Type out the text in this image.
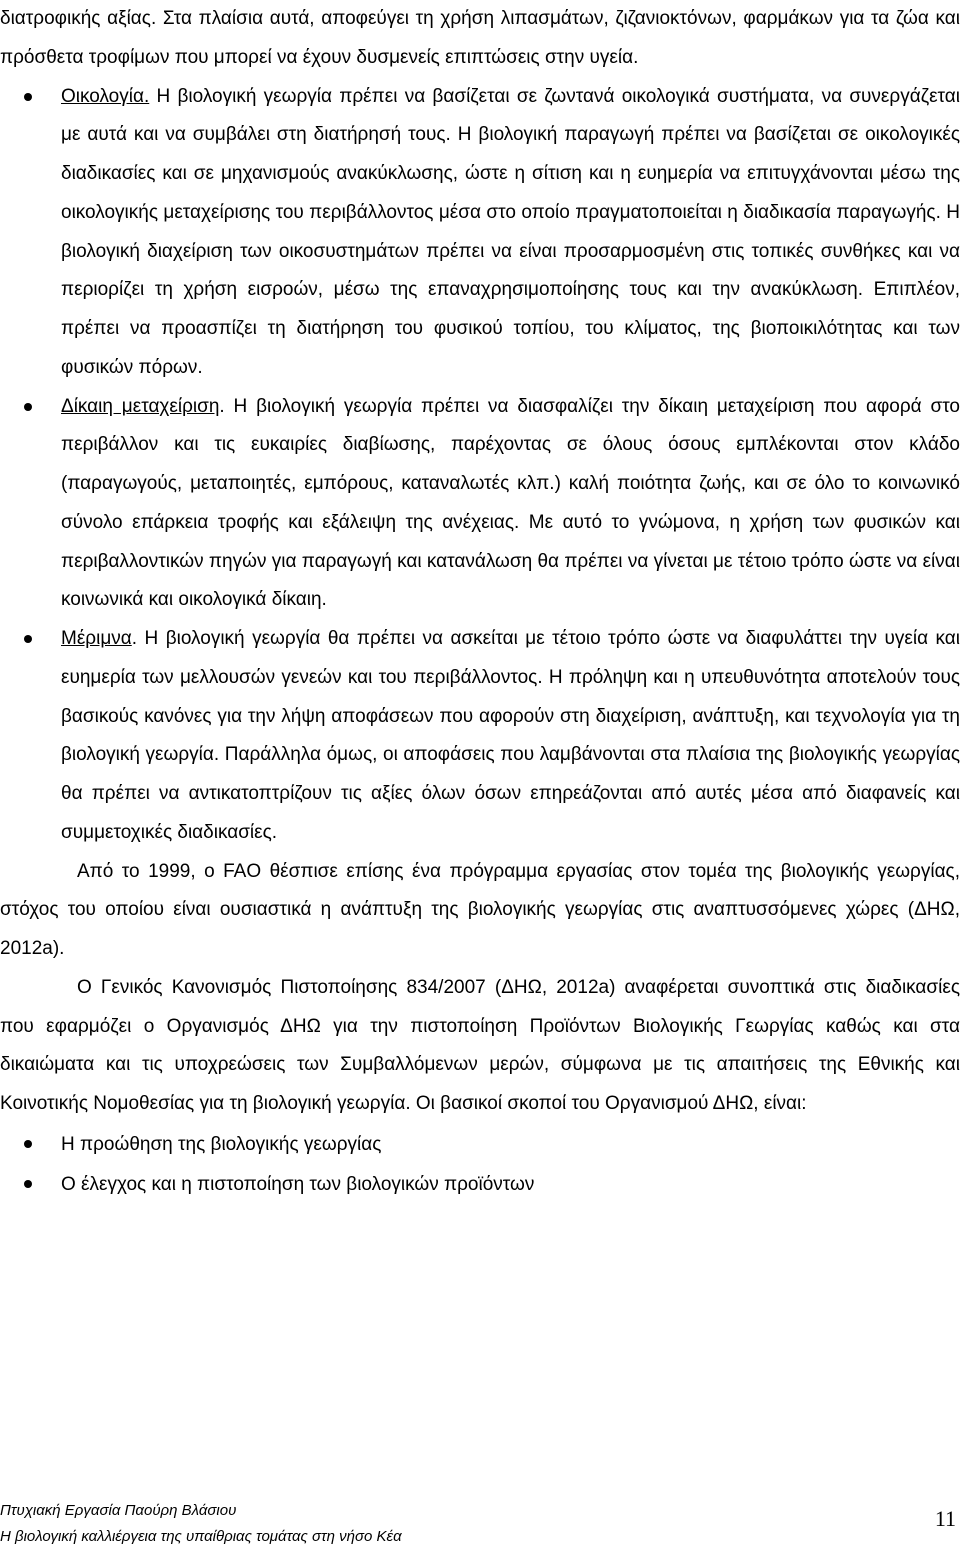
διατροφικής αξίας. Στα πλαίσια αυτά, αποφεύγει τη χρήση λιπασμάτων, ζιζανιοκτόνων, φαρμάκων για τα ζώα και πρόσθετα τροφίμων που μπορεί να έχουν δυσμενείς επιπτώσεις στην υγεία.

Οικολογία. Η βιολογική γεωργία πρέπει να βασίζεται σε ζωντανά οικολογικά συστήματα, να συνεργάζεται με αυτά και να συμβάλει στη διατήρησή τους. Η βιολογική παραγωγή πρέπει να βασίζεται σε οικολογικές διαδικασίες και σε μηχανισμούς ανακύκλωσης, ώστε η σίτιση και η ευημερία να επιτυγχάνονται μέσω της οικολογικής μεταχείρισης του περιβάλλοντος μέσα στο οποίο πραγματοποιείται η διαδικασία παραγωγής. Η βιολογική διαχείριση των οικοσυστημάτων πρέπει να είναι προσαρμοσμένη στις τοπικές συνθήκες και να περιορίζει τη χρήση εισροών, μέσω της επαναχρησιμοποίησης τους και την ανακύκλωση. Επιπλέον, πρέπει να προασπίζει τη διατήρηση του φυσικού τοπίου, του κλίματος, της βιοποικιλότητας και των φυσικών πόρων.
Δίκαιη μεταχείριση. Η βιολογική γεωργία πρέπει να διασφαλίζει την δίκαιη μεταχείριση που αφορά στο περιβάλλον και τις ευκαιρίες διαβίωσης, παρέχοντας σε όλους όσους εμπλέκονται στον κλάδο (παραγωγούς, μεταποιητές, εμπόρους, καταναλωτές κλπ.) καλή ποιότητα ζωής, και σε όλο το κοινωνικό σύνολο επάρκεια τροφής και εξάλειψη της ανέχειας. Με αυτό το γνώμονα, η χρήση των φυσικών και περιβαλλοντικών πηγών για παραγωγή και κατανάλωση θα πρέπει να γίνεται με τέτοιο τρόπο ώστε να είναι κοινωνικά και οικολογικά δίκαιη.
Μέριμνα. Η βιολογική γεωργία θα πρέπει να ασκείται με τέτοιο τρόπο ώστε να διαφυλάττει την υγεία και ευημερία των μελλουσών γενεών και του περιβάλλοντος. Η πρόληψη και η υπευθυνότητα αποτελούν τους βασικούς κανόνες για την λήψη αποφάσεων που αφορούν στη διαχείριση, ανάπτυξη, και τεχνολογία για τη βιολογική γεωργία. Παράλληλα όμως, οι αποφάσεις που λαμβάνονται στα πλαίσια της βιολογικής γεωργίας θα πρέπει να αντικατοπτρίζουν τις αξίες όλων όσων επηρεάζονται από αυτές μέσα από διαφανείς και συμμετοχικές διαδικασίες.

Από το 1999, ο FAO θέσπισε επίσης ένα πρόγραμμα εργασίας στον τομέα της βιολογικής γεωργίας, στόχος του οποίου είναι ουσιαστικά η ανάπτυξη της βιολογικής γεωργίας στις αναπτυσσόμενες χώρες (ΔΗΩ, 2012a).

Ο Γενικός Κανονισμός Πιστοποίησης 834/2007 (ΔΗΩ, 2012a) αναφέρεται συνοπτικά στις διαδικασίες που εφαρμόζει ο Οργανισμός ΔΗΩ για την πιστοποίηση Προϊόντων Βιολογικής Γεωργίας καθώς και στα δικαιώματα και τις υποχρεώσεις των Συμβαλλόμενων μερών, σύμφωνα με τις απαιτήσεις της Εθνικής και Κοινοτικής Νομοθεσίας για τη βιολογική γεωργία. Οι βασικοί σκοποί του Οργανισμού ΔΗΩ, είναι:

Η προώθηση της βιολογικής γεωργίας
Ο έλεγχος και η πιστοποίηση των βιολογικών προϊόντων
Πτυχιακή Εργασία Παούρη Βλάσιου
Η βιολογική καλλιέργεια της υπαίθριας τομάτας στη νήσο Κέα
11
